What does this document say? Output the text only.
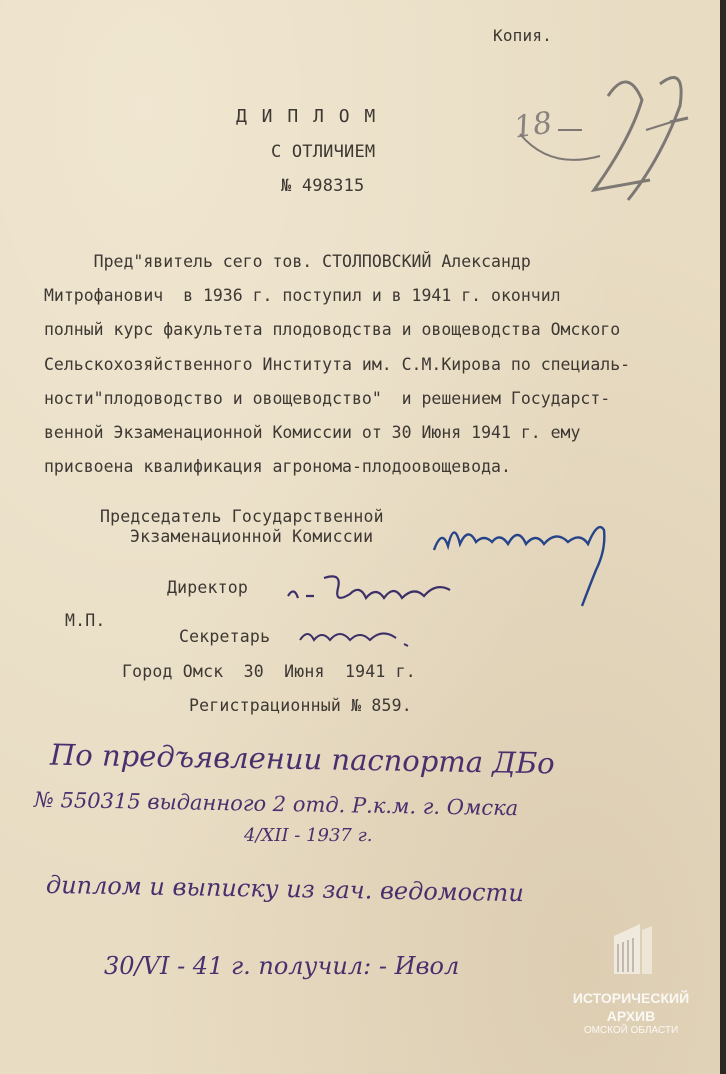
Копия.
Д И П Л О М
С ОТЛИЧИЕМ
№ 498315
18
Пред"явитель сего тов. СТОЛПОВСКИЙ Александр
Митрофанович  в 1936 г. поступил и в 1941 г. окончил
полный курс факультета плодоводства и овощеводства Омского
Сельскохозяйственного Института им. С.М.Кирова по специаль-
ности"плодоводство и овощеводство"  и решением Государст-
венной Экзаменационной Комиссии от 30 Июня 1941 г. ему
присвоена квалификация агронома-плодоовощевода.
Председатель Государственной
Экзаменационной Комиссии
Директор
М.П.
Секретарь
Город Омск  30  Июня  1941 г.
Регистрационный № 859.
По предъявлении паспорта ДБо
№ 550315 выданного 2 отд. Р.к.м. г. Омска
4/ХII - 1937 г.
диплом и выписку из зач. ведомости
30/VI - 41 г. получил: - Ивол
ИСТОРИЧЕСКИЙ
АРХИВ
ОМСКОЙ ОБЛАСТИ
